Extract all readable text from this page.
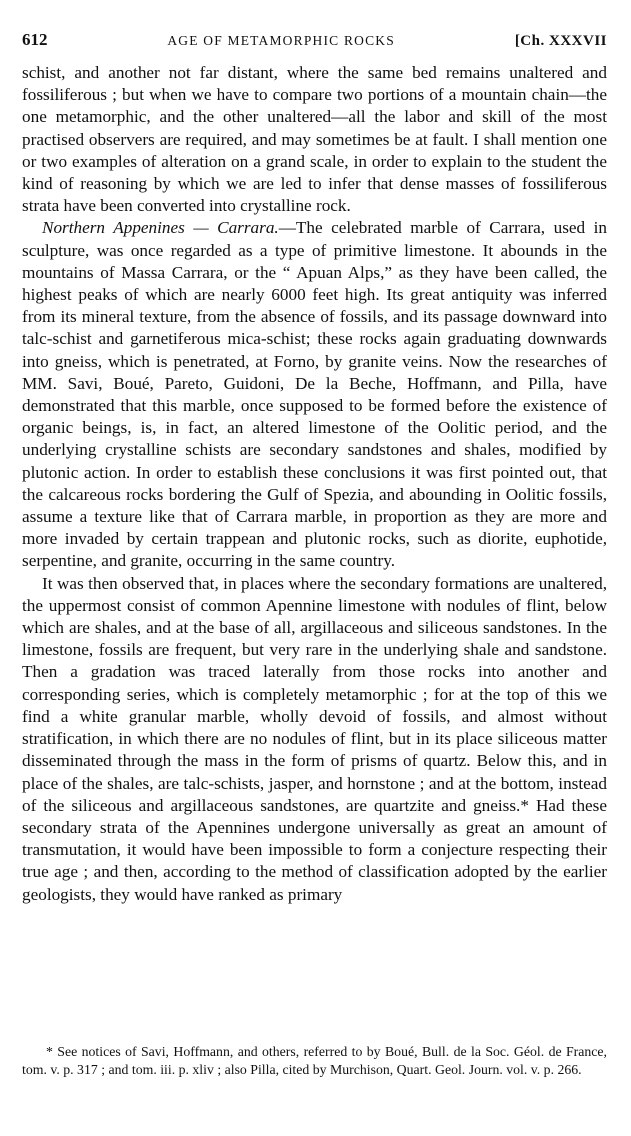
612	AGE OF METAMORPHIC ROCKS	[Ch. XXXVII

schist, and another not far distant, where the same bed remains unaltered and fossiliferous ; but when we have to compare two portions of a mountain chain—the one metamorphic, and the other unaltered—all the labor and skill of the most practised observers are required, and may sometimes be at fault. I shall mention one or two examples of alteration on a grand scale, in order to explain to the student the kind of reasoning by which we are led to infer that dense masses of fossiliferous strata have been converted into crystalline rock.

Northern Appenines — Carrara.—The celebrated marble of Carrara, used in sculpture, was once regarded as a type of primitive limestone. It abounds in the mountains of Massa Carrara, or the “ Apuan Alps,” as they have been called, the highest peaks of which are nearly 6000 feet high. Its great antiquity was inferred from its mineral texture, from the absence of fossils, and its passage downward into talc-schist and garnetiferous mica-schist; these rocks again graduating downwards into gneiss, which is penetrated, at Forno, by granite veins. Now the researches of MM. Savi, Boué, Pareto, Guidoni, De la Beche, Hoffmann, and Pilla, have demonstrated that this marble, once supposed to be formed before the existence of organic beings, is, in fact, an altered limestone of the Oolitic period, and the underlying crystalline schists are secondary sandstones and shales, modified by plutonic action. In order to establish these conclusions it was first pointed out, that the calcareous rocks bordering the Gulf of Spezia, and abounding in Oolitic fossils, assume a texture like that of Carrara marble, in proportion as they are more and more invaded by certain trappean and plutonic rocks, such as diorite, euphotide, serpentine, and granite, occurring in the same country.

It was then observed that, in places where the secondary formations are unaltered, the uppermost consist of common Apennine limestone with nodules of flint, below which are shales, and at the base of all, argillaceous and siliceous sandstones. In the limestone, fossils are frequent, but very rare in the underlying shale and sandstone. Then a gradation was traced laterally from those rocks into another and corresponding series, which is completely metamorphic ; for at the top of this we find a white granular marble, wholly devoid of fossils, and almost without stratification, in which there are no nodules of flint, but in its place siliceous matter disseminated through the mass in the form of prisms of quartz. Below this, and in place of the shales, are talc-schists, jasper, and hornstone ; and at the bottom, instead of the siliceous and argillaceous sandstones, are quartzite and gneiss.* Had these secondary strata of the Apennines undergone universally as great an amount of transmutation, it would have been impossible to form a conjecture respecting their true age ; and then, according to the method of classification adopted by the earlier geologists, they would have ranked as primary

* See notices of Savi, Hoffmann, and others, referred to by Boué, Bull. de la Soc. Géol. de France, tom. v. p. 317 ; and tom. iii. p. xliv ; also Pilla, cited by Murchison, Quart. Geol. Journ. vol. v. p. 266.
